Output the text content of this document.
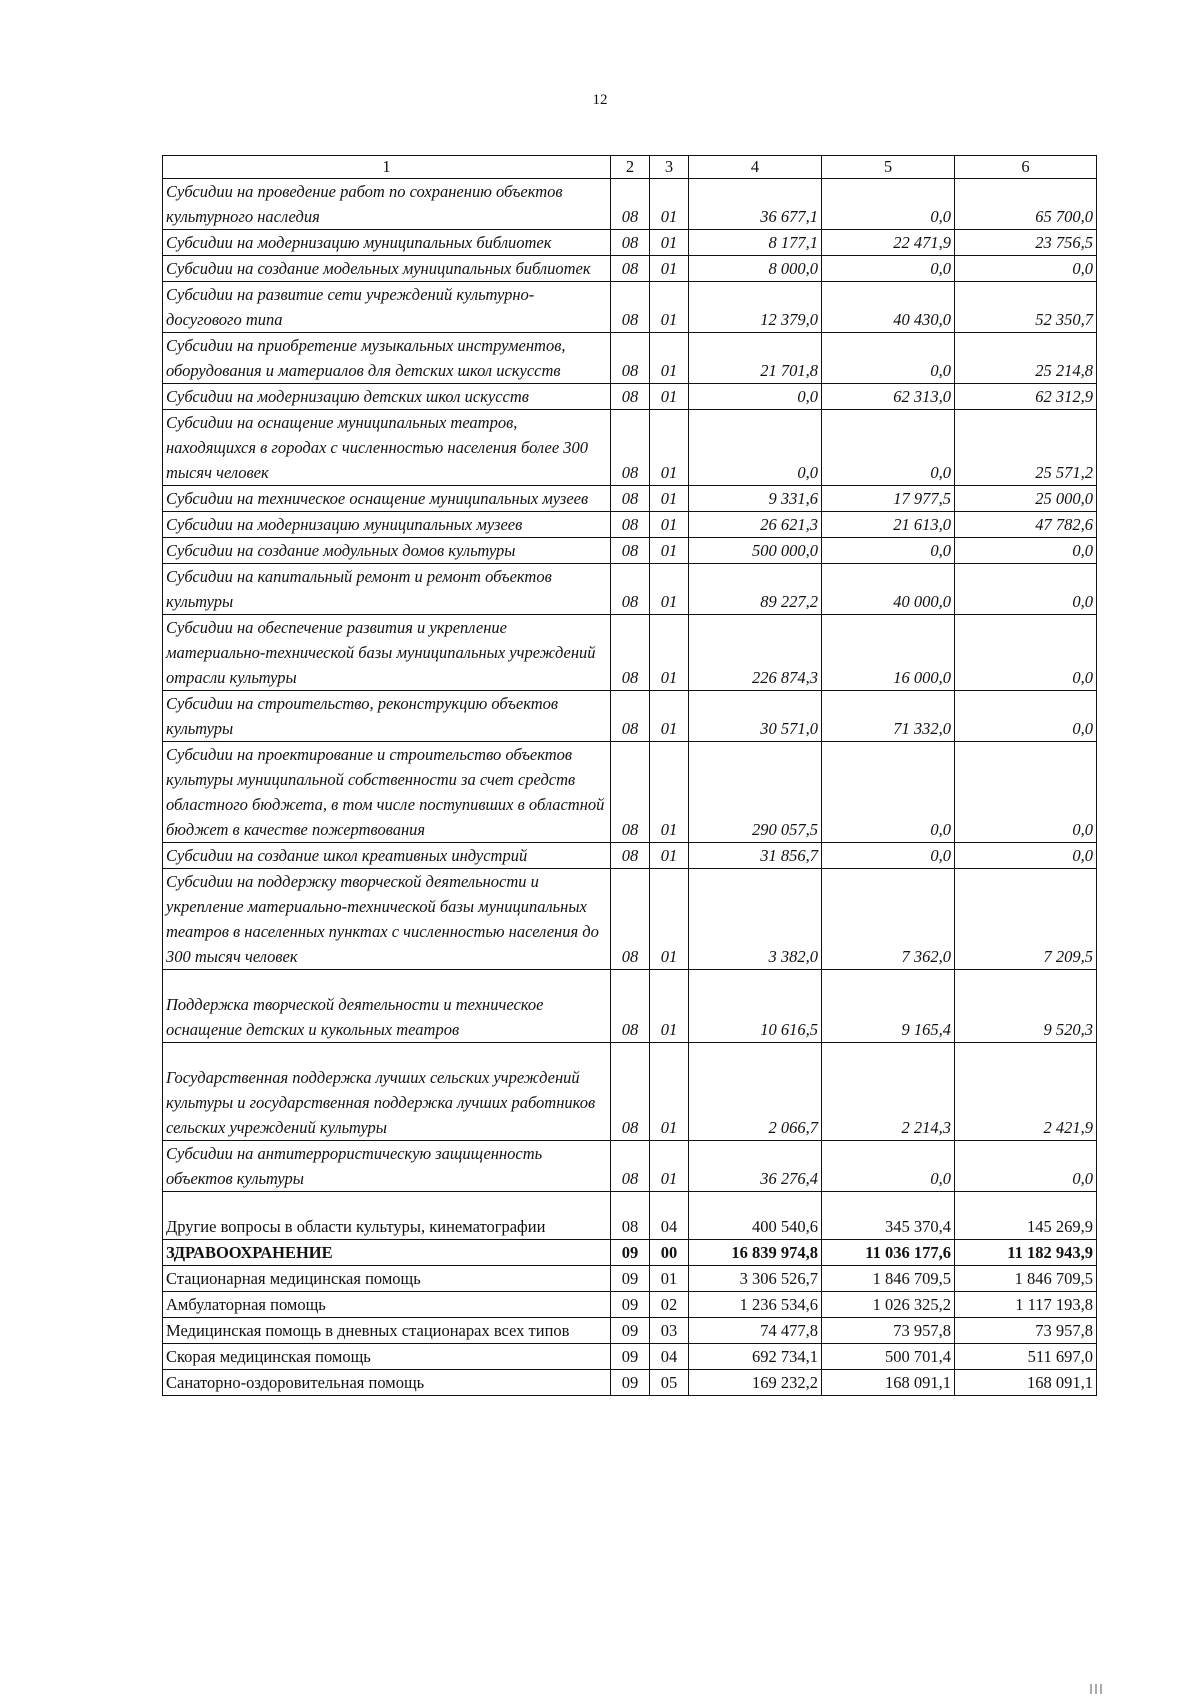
12
1	2	3	4	5	6
Субсидии на проведение работ по сохранению объектов культурного наследия	08	01	36 677,1	0,0	65 700,0
Субсидии на модернизацию муниципальных библиотек	08	01	8 177,1	22 471,9	23 756,5
Субсидии на создание модельных муниципальных библиотек	08	01	8 000,0	0,0	0,0
Субсидии на развитие сети учреждений культурно-досугового типа	08	01	12 379,0	40 430,0	52 350,7
Субсидии на приобретение музыкальных инструментов, оборудования и материалов для детских школ искусств	08	01	21 701,8	0,0	25 214,8
Субсидии на модернизацию детских школ искусств	08	01	0,0	62 313,0	62 312,9
Субсидии на оснащение муниципальных театров, находящихся в городах с численностью населения более 300 тысяч человек	08	01	0,0	0,0	25 571,2
Субсидии на техническое оснащение муниципальных музеев	08	01	9 331,6	17 977,5	25 000,0
Субсидии на модернизацию муниципальных музеев	08	01	26 621,3	21 613,0	47 782,6
Субсидии на создание модульных домов культуры	08	01	500 000,0	0,0	0,0
Субсидии на капитальный ремонт и ремонт объектов культуры	08	01	89 227,2	40 000,0	0,0
Субсидии на обеспечение развития и укрепление материально-технической базы муниципальных учреждений отрасли культуры	08	01	226 874,3	16 000,0	0,0
Субсидии на строительство, реконструкцию объектов культуры	08	01	30 571,0	71 332,0	0,0
Субсидии на проектирование и строительство объектов культуры муниципальной собственности за счет средств областного бюджета, в том числе поступивших в областной бюджет в качестве пожертвования	08	01	290 057,5	0,0	0,0
Субсидии на создание школ креативных индустрий	08	01	31 856,7	0,0	0,0
Субсидии на поддержку творческой деятельности и укрепление материально-технической базы муниципальных театров в населенных пунктах с численностью населения до 300 тысяч человек	08	01	3 382,0	7 362,0	7 209,5
Поддержка творческой деятельности и техническое оснащение детских и кукольных театров	08	01	10 616,5	9 165,4	9 520,3
Государственная поддержка лучших сельских учреждений культуры и государственная поддержка лучших работников сельских учреждений культуры	08	01	2 066,7	2 214,3	2 421,9
Субсидии на антитеррористическую защищенность объектов культуры	08	01	36 276,4	0,0	0,0
Другие вопросы в области культуры, кинематографии	08	04	400 540,6	345 370,4	145 269,9
ЗДРАВООХРАНЕНИЕ	09	00	16 839 974,8	11 036 177,6	11 182 943,9
Стационарная медицинская помощь	09	01	3 306 526,7	1 846 709,5	1 846 709,5
Амбулаторная помощь	09	02	1 236 534,6	1 026 325,2	1 117 193,8
Медицинская помощь в дневных стационарах всех типов	09	03	74 477,8	73 957,8	73 957,8
Скорая медицинская помощь	09	04	692 734,1	500 701,4	511 697,0
Санаторно-оздоровительная помощь	09	05	169 232,2	168 091,1	168 091,1
